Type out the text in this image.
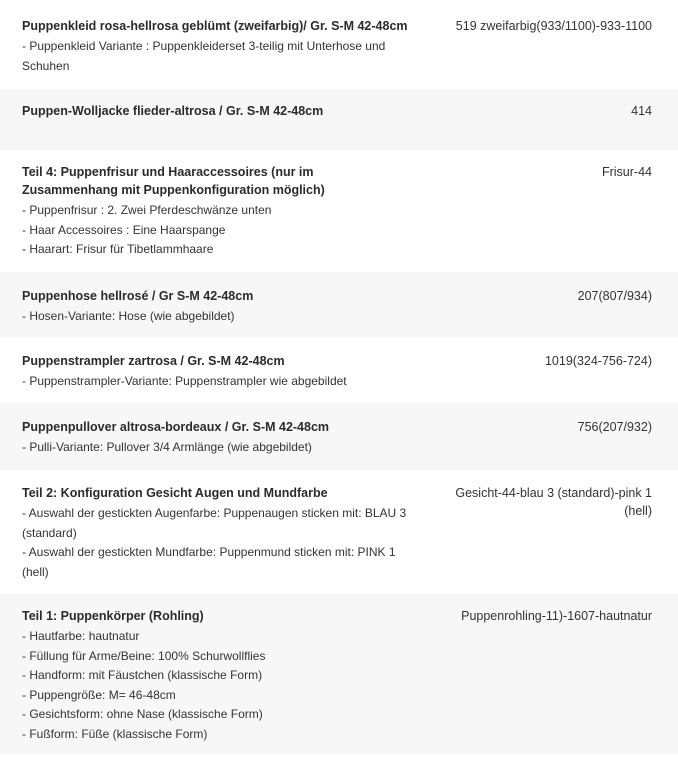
Puppenkleid rosa-hellrosa geblümt (zweifarbig)/ Gr. S-M 42-48cm
- Puppenkleid Variante : Puppenkleiderset 3-teilig mit Unterhose und Schuhen
519 zweifarbig(933/1100)-933-1100
Puppen-Wolljacke flieder-altrosa / Gr. S-M 42-48cm	414
Teil 4: Puppenfrisur und Haaraccessoires (nur im Zusammenhang mit Puppenkonfiguration möglich)
- Puppenfrisur : 2. Zwei Pferdeschwänze unten
- Haar Accessoires : Eine Haarspange
- Haarart: Frisur für Tibetlammhaare
Frisur-44
Puppenhose hellrosé / Gr S-M 42-48cm
- Hosen-Variante: Hose (wie abgebildet)
207(807/934)
Puppenstrampler zartrosa / Gr. S-M 42-48cm
- Puppenstrampler-Variante: Puppenstrampler wie abgebildet
1019(324-756-724)
Puppenpullover altrosa-bordeaux / Gr. S-M 42-48cm
- Pulli-Variante: Pullover 3/4 Armlänge (wie abgebildet)
756(207/932)
Teil 2: Konfiguration Gesicht Augen und Mundfarbe
- Auswahl der gestickten Augenfarbe: Puppenaugen sticken mit: BLAU 3 (standard)
- Auswahl der gestickten Mundfarbe: Puppenmund sticken mit: PINK 1 (hell)
Gesicht-44-blau 3 (standard)-pink 1 (hell)
Teil 1: Puppenkörper (Rohling)
- Hautfarbe: hautnatur
- Füllung für Arme/Beine: 100% Schurwollflies
- Handform: mit Fäustchen (klassische Form)
- Puppengröße: M= 46-48cm
- Gesichtsform: ohne Nase (klassische Form)
- Fußform: Füße (klassische Form)
Puppenrohling-11)-1607-hautnatur
